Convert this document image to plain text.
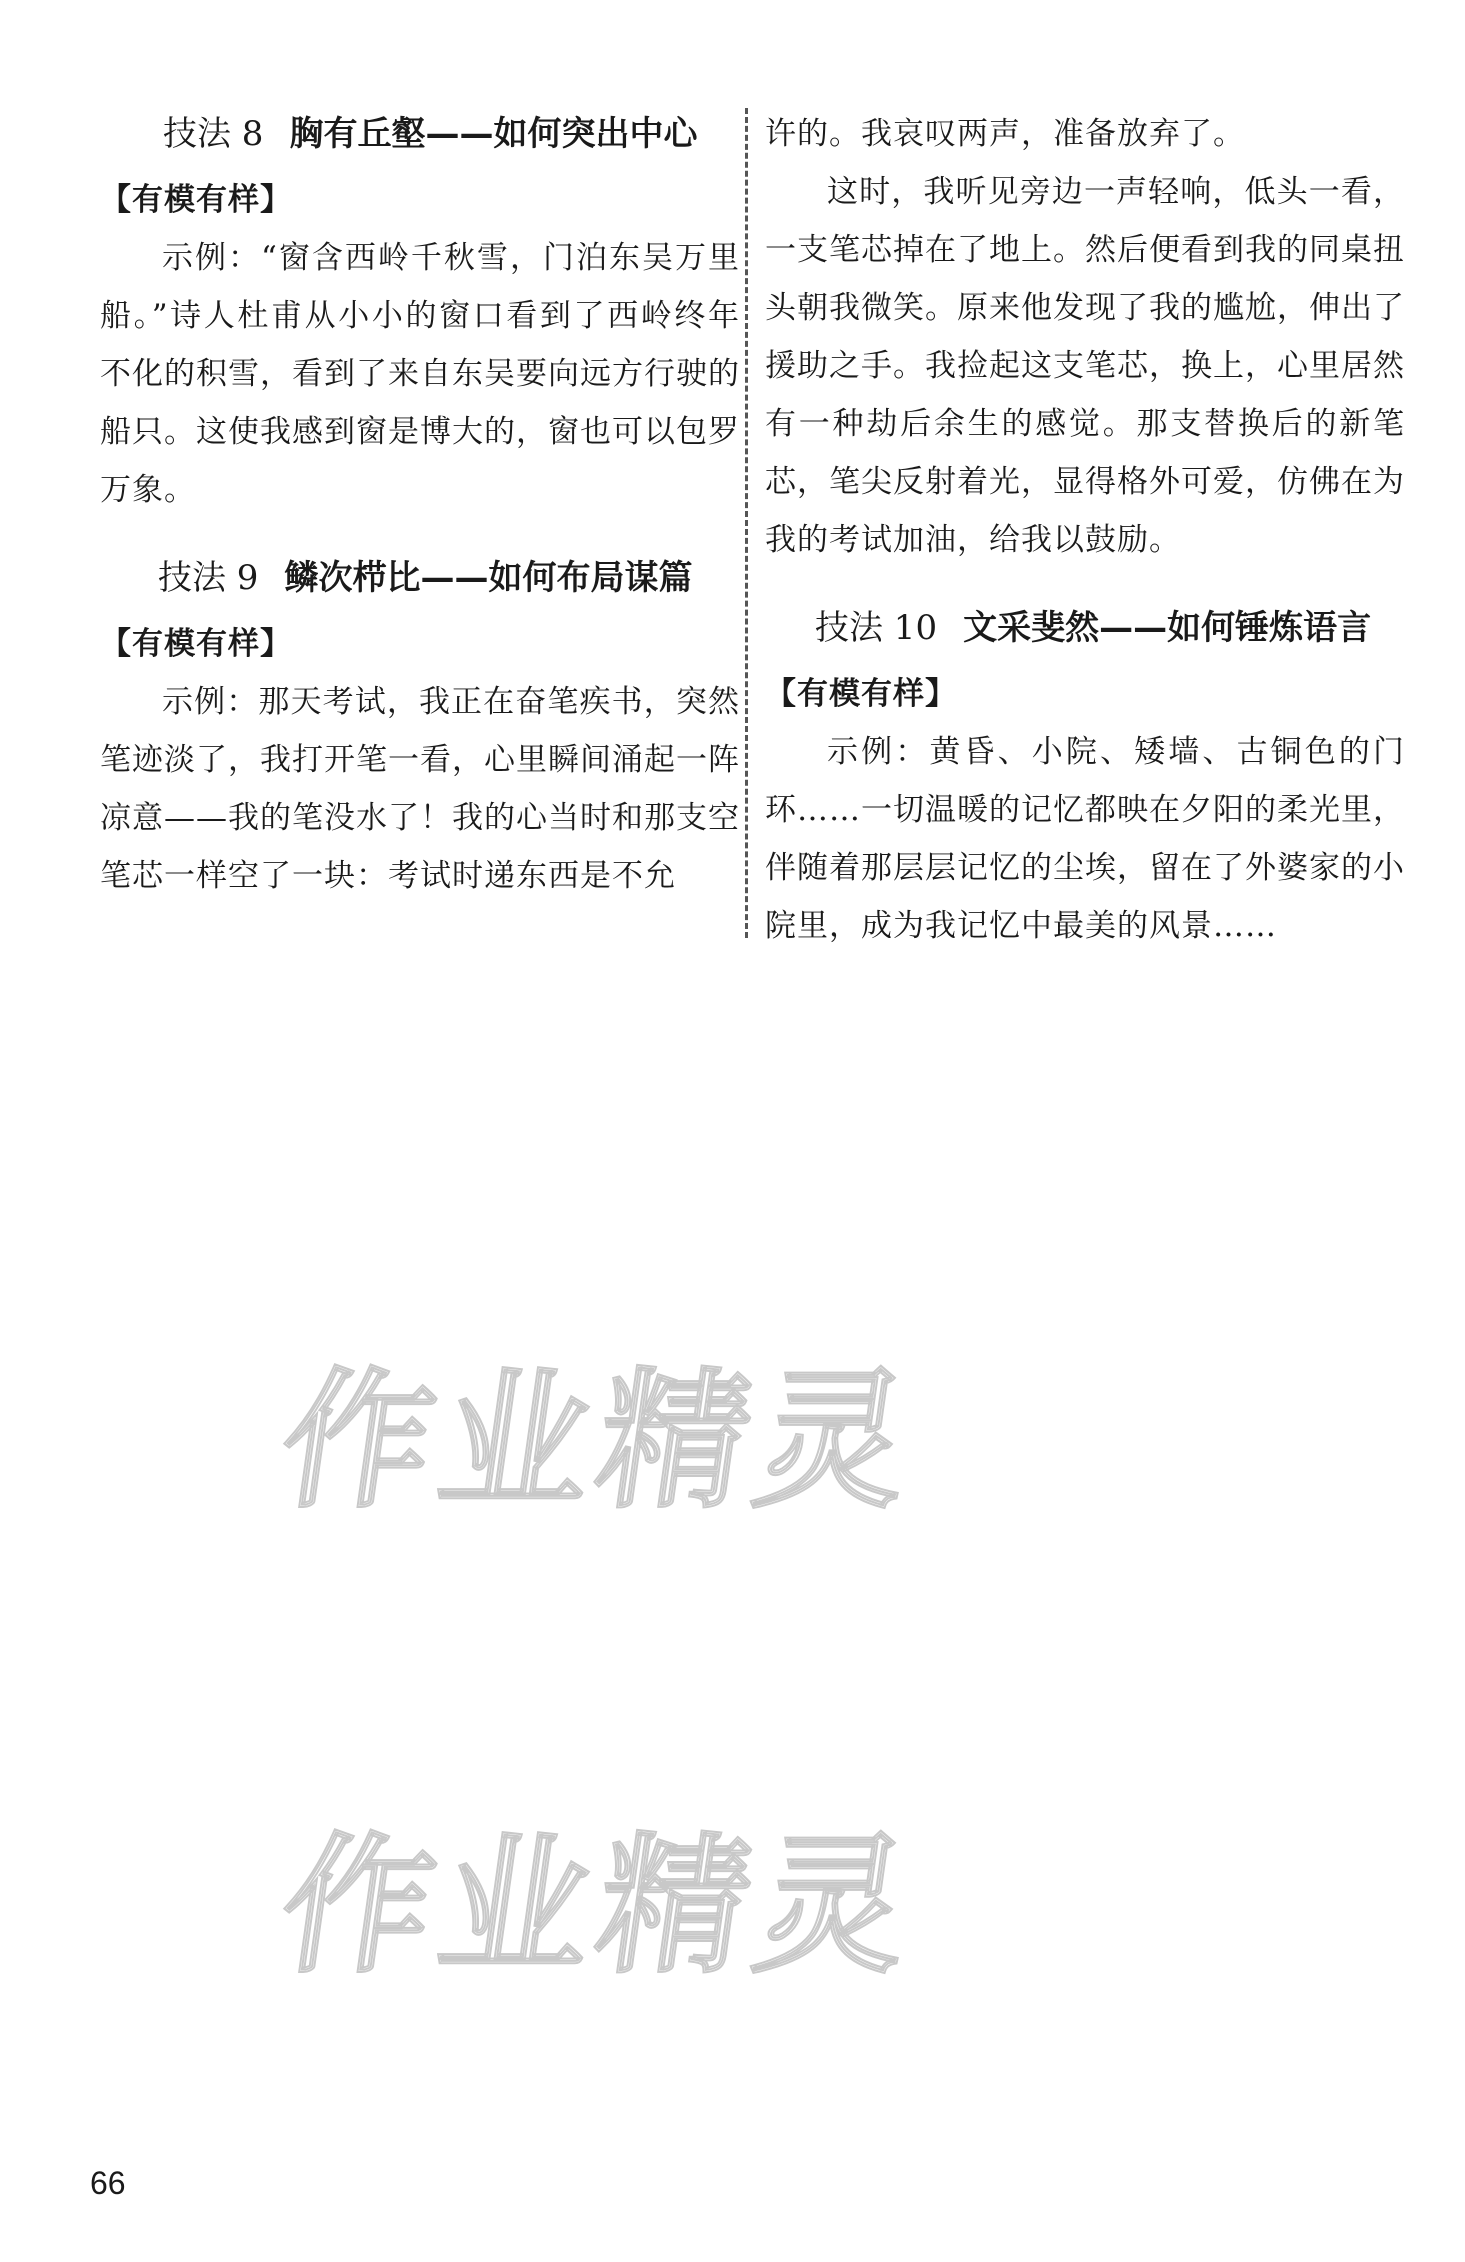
技法 8 胸有丘壑——如何突出中心
【有模有样】
示例：“窗含西岭千秋雪，门泊东吴万里船。”诗人杜甫从小小的窗口看到了西岭终年不化的积雪，看到了来自东吴要向远方行驶的船只。这使我感到窗是博大的，窗也可以包罗万象。
技法 9 鳞次栉比——如何布局谋篇
【有模有样】
示例：那天考试，我正在奋笔疾书，突然笔迹淡了，我打开笔一看，心里瞬间涌起一阵凉意——我的笔没水了！我的心当时和那支空笔芯一样空了一块：考试时递东西是不允
许的。我哀叹两声，准备放弃了。
这时，我听见旁边一声轻响，低头一看，一支笔芯掉在了地上。然后便看到我的同桌扭头朝我微笑。原来他发现了我的尴尬，伸出了援助之手。我捡起这支笔芯，换上，心里居然有一种劫后余生的感觉。那支替换后的新笔芯，笔尖反射着光，显得格外可爱，仿佛在为我的考试加油，给我以鼓励。
技法 10 文采斐然——如何锤炼语言
【有模有样】
示例：黄昏、小院、矮墙、古铜色的门环……一切温暖的记忆都映在夕阳的柔光里，伴随着那层层记忆的尘埃，留在了外婆家的小院里，成为我记忆中最美的风景……
作业精灵
作业精灵
66
